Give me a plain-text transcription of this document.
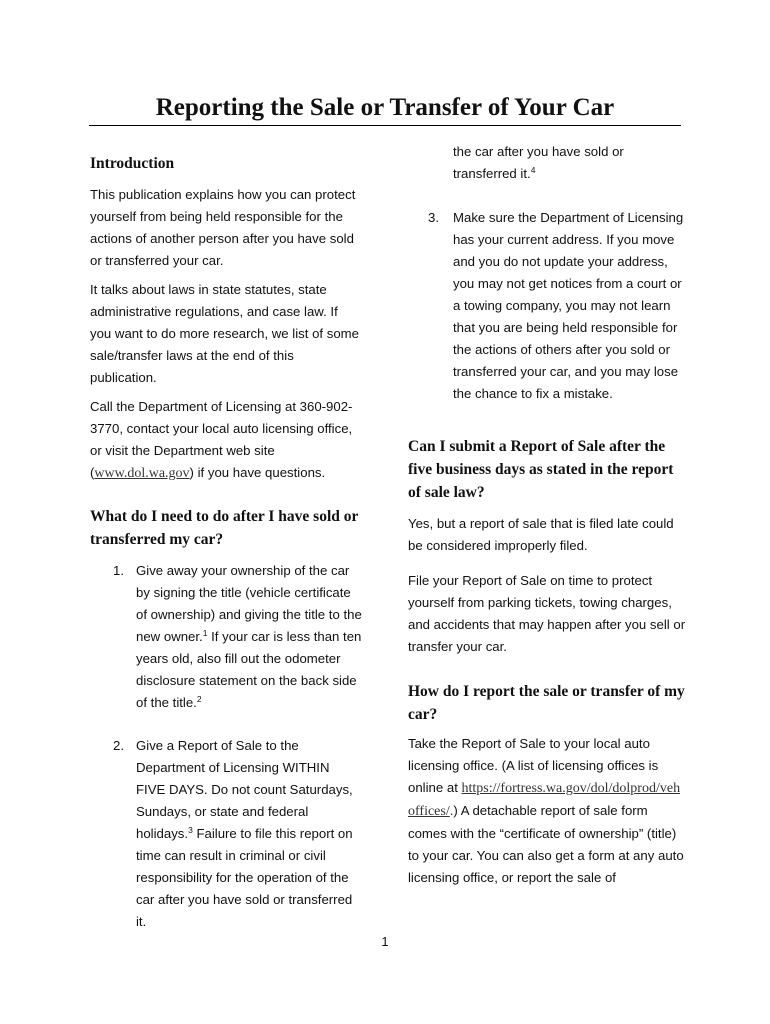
Reporting the Sale or Transfer of Your Car
Introduction

This publication explains how you can protect yourself from being held responsible for the actions of another person after you have sold or transferred your car.

It talks about laws in state statutes, state administrative regulations, and case law. If you want to do more research, we list of some sale/transfer laws at the end of this publication.

Call the Department of Licensing at 360-902-3770, contact your local auto licensing office, or visit the Department web site (www.dol.wa.gov) if you have questions.

What do I need to do after I have sold or transferred my car?
1. Give away your ownership of the car by signing the title (vehicle certificate of ownership) and giving the title to the new owner.$^1$ If your car is less than ten years old, also fill out the odometer disclosure statement on the back side of the title.$^2$
2. Give a Report of Sale to the Department of Licensing WITHIN FIVE DAYS. Do not count Saturdays, Sundays, or state and federal holidays.$^3$ Failure to file this report on time can result in criminal or civil responsibility for the operation of the car after you have sold or transferred it.
the car after you have sold or transferred it.$^4$
3. Make sure the Department of Licensing has your current address. If you move and you do not update your address, you may not get notices from a court or a towing company, you may not learn that you are being held responsible for the actions of others after you sold or transferred your car, and you may lose the chance to fix a mistake.
Can I submit a Report of Sale after the five business days as stated in the report of sale law?

Yes, but a report of sale that is filed late could be considered improperly filed.

File your Report of Sale on time to protect yourself from parking tickets, towing charges, and accidents that may happen after you sell or transfer your car.

How do I report the sale or transfer of my car?

Take the Report of Sale to your local auto licensing office. (A list of licensing offices is online at https://fortress.wa.gov/dol/dolprod/vehoffices/.) A detachable report of sale form comes with the “certificate of ownership” (title) to your car. You can also get a form at any auto licensing office, or report the sale of

1
